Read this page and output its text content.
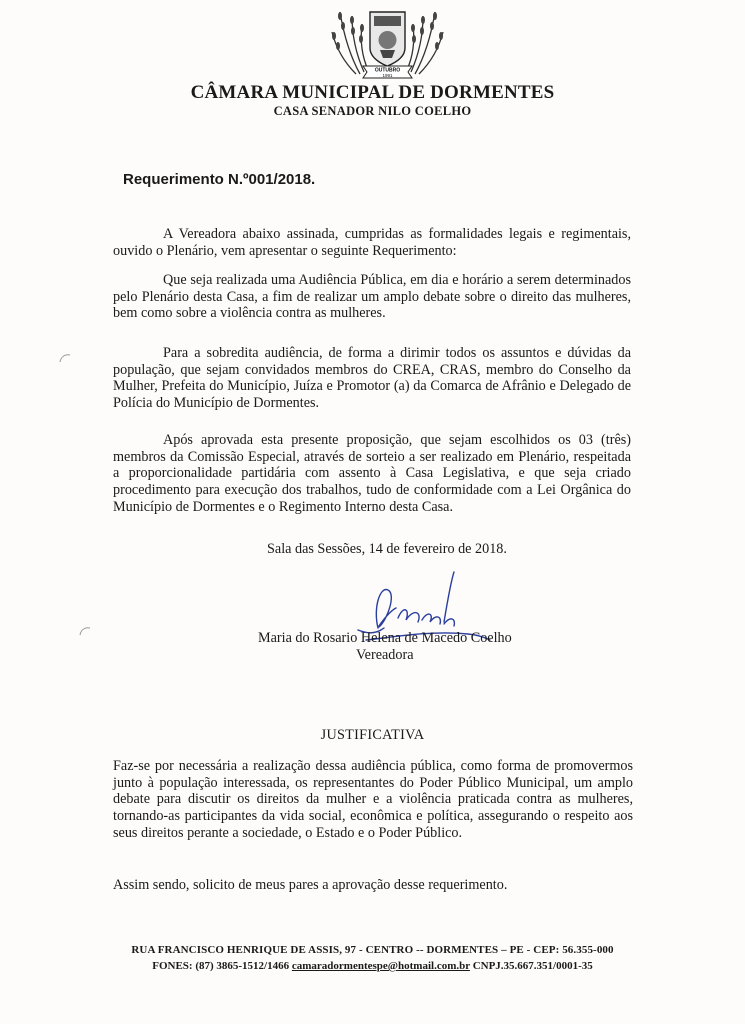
OUTUBRO
1991
CÂMARA MUNICIPAL DE DORMENTES
CASA SENADOR NILO COELHO
Requerimento N.º001/2018.

A Vereadora abaixo assinada, cumpridas as formalidades legais e regimentais, ouvido o Plenário, vem apresentar o seguinte Requerimento:

Que seja realizada uma Audiência Pública, em dia e horário a serem determinados pelo Plenário desta Casa, a fim de realizar um amplo debate sobre o direito das mulheres, bem como sobre a violência contra as mulheres.

Para a sobredita audiência, de forma a dirimir todos os assuntos e dúvidas da população, que sejam convidados membros do CREA, CRAS, membro do Conselho da Mulher, Prefeita do Município, Juíza e Promotor (a) da Comarca de Afrânio e Delegado de Polícia do Município de Dormentes.

Após aprovada esta presente proposição, que sejam escolhidos os 03 (três) membros da Comissão Especial, através de sorteio a ser realizado em Plenário, respeitada a proporcionalidade partidária com assento à Casa Legislativa, e que seja criado procedimento para execução dos trabalhos, tudo de conformidade com a Lei Orgânica do Município de Dormentes e o Regimento Interno desta Casa.

Sala das Sessões, 14 de fevereiro de 2018.
Maria do Rosario Helena de Macedo Coelho
Vereadora
JUSTIFICATIVA

Faz-se por necessária a realização dessa audiência pública, como forma de promovermos junto à população interessada, os representantes do Poder Público Municipal, um amplo debate para discutir os direitos da mulher e a violência praticada contra as mulheres, tornando-as participantes da vida social, econômica e política, assegurando o respeito aos seus direitos perante a sociedade, o Estado e o Poder Público.

Assim sendo, solicito de meus pares a aprovação desse requerimento.
RUA FRANCISCO HENRIQUE DE ASSIS, 97 - CENTRO -- DORMENTES – PE - CEP: 56.355-000
FONES: (87) 3865-1512/1466 camaradormentespe@hotmail.com.br CNPJ.35.667.351/0001-35
